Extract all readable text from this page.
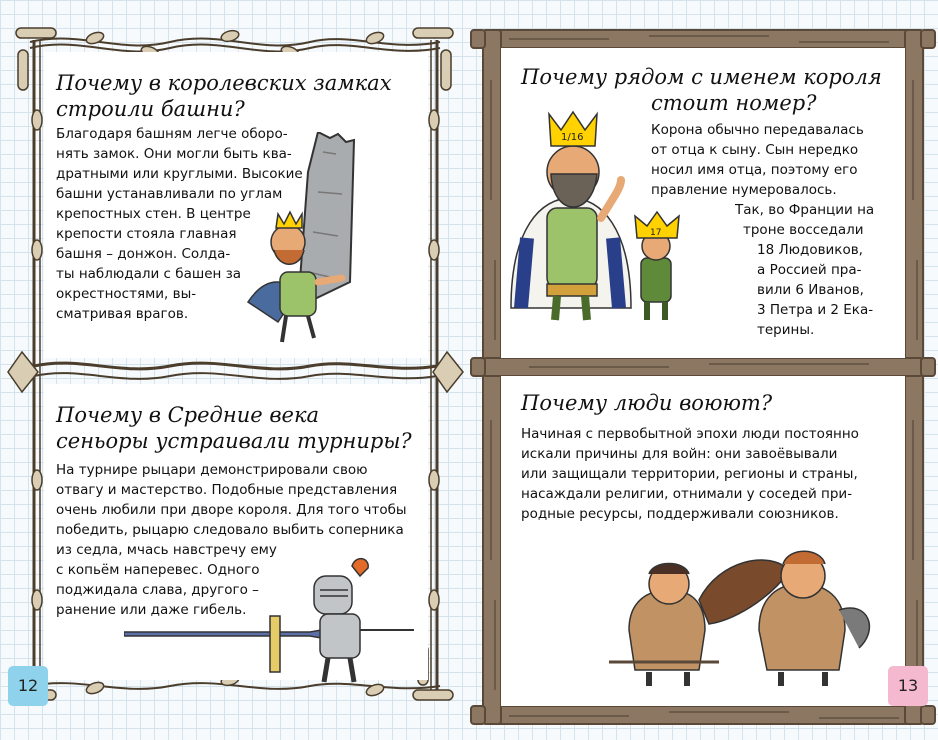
Почему в королевских замках
строили башни?
Благодаря башням легче оборо-
нять замок. Они могли быть ква-
дратными или круглыми. Высокие
башни устанавливали по углам
крепостных стен. В центре
крепости стояла главная
башня – донжон. Солда-
ты наблюдали с башен за
окрестностями, вы-
сматривая врагов.
Почему в Средние века
сеньоры устраивали турниры?
На турнире рыцари демонстрировали свою
отвагу и мастерство. Подобные представления
очень любили при дворе короля. Для того чтобы
победить, рыцарю следовало выбить соперника
из седла, мчась навстречу ему
с копьём наперевес. Одного
поджидала слава, другого –
ранение или даже гибель.
12
Почему рядом с именем короля
стоит номер?
Корона обычно передавалась
от отца к сыну. Сын нередко
носил имя отца, поэтому его
правление нумеровалось.
Так, во Франции на
троне восседали
18 Людовиков,
а Россией пра-
вили 6 Иванов,
3 Петра и 2 Ека-
терины.
1/16
17
Почему люди воюют?
Начиная с первобытной эпохи люди постоянно
искали причины для войн: они завоёвывали
или защищали территории, регионы и страны,
насаждали религии, отнимали у соседей при-
родные ресурсы, поддерживали союзников.
13
